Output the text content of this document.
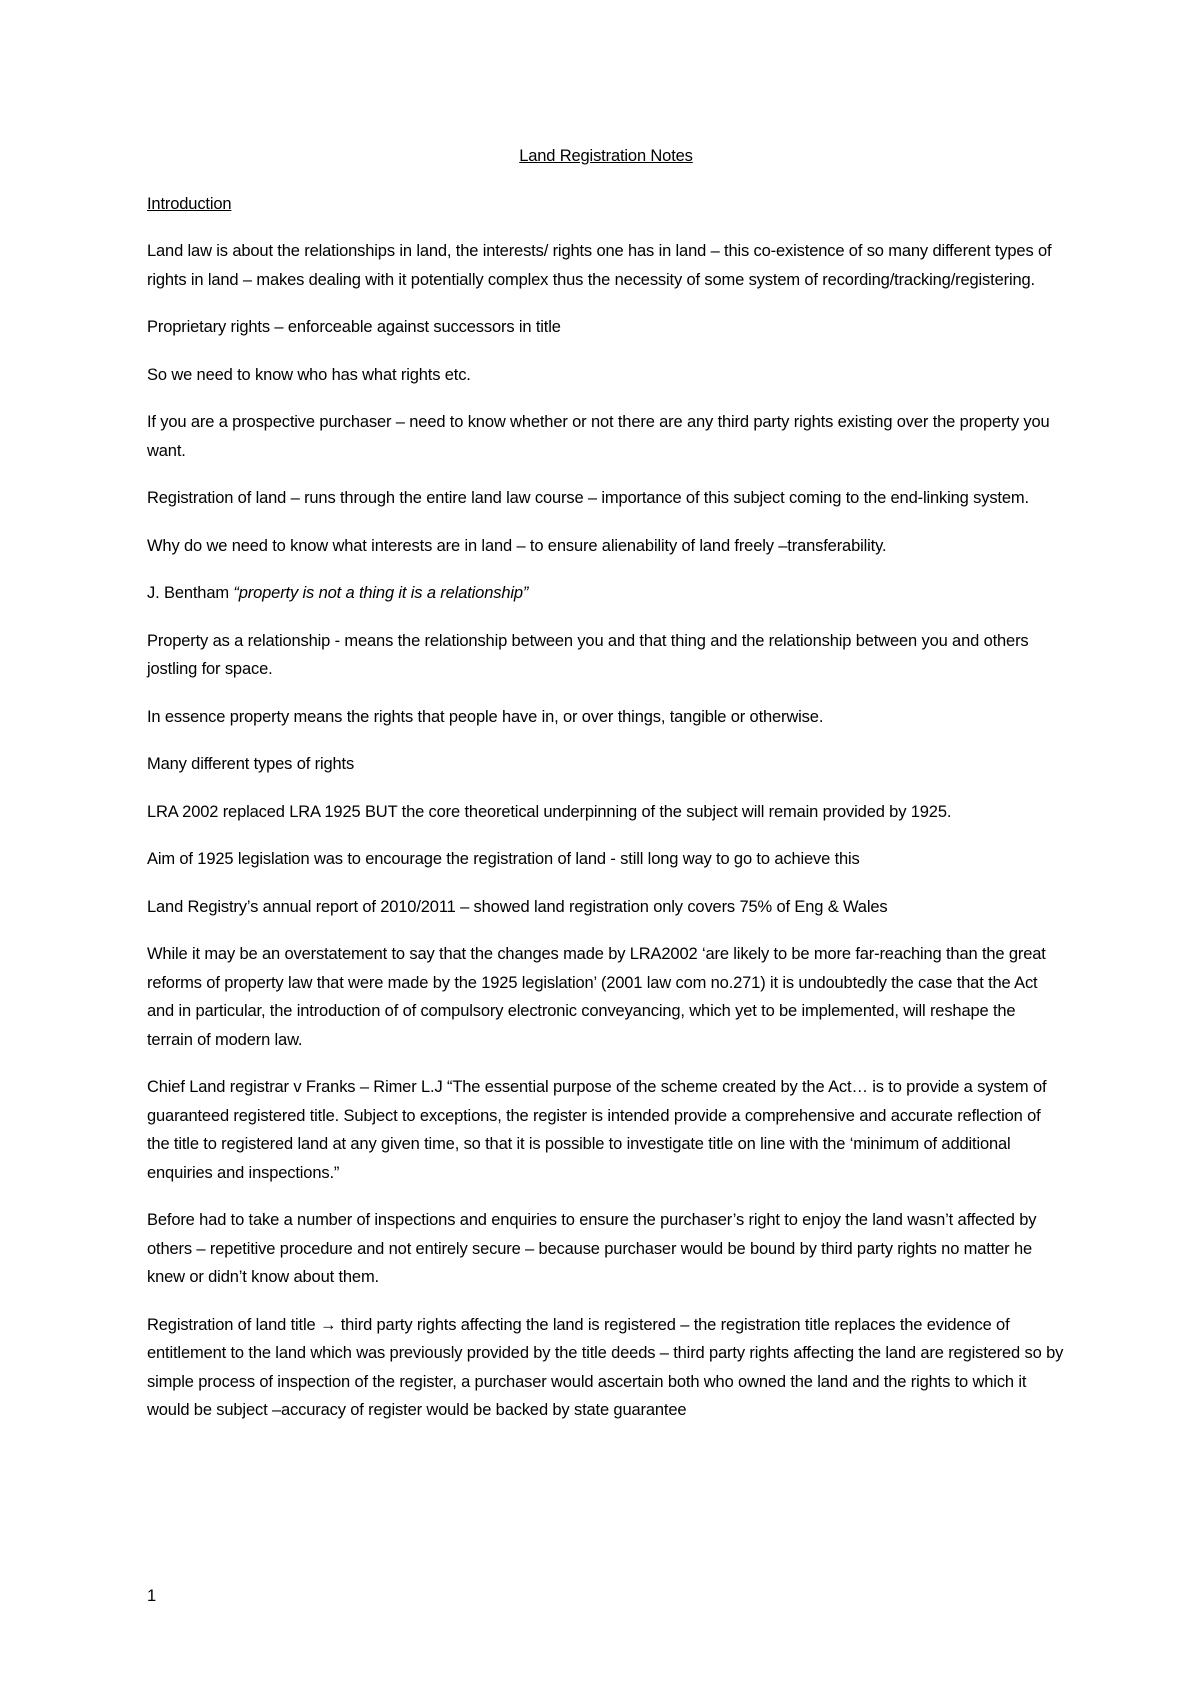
Land Registration Notes
Introduction

Land law is about the relationships in land, the interests/ rights one has in land – this co-existence of so many different types of rights in land – makes dealing with it potentially complex thus the necessity of some system of recording/tracking/registering.

Proprietary rights – enforceable against successors in title

So we need to know who has what rights etc.

If you are a prospective purchaser – need to know whether or not there are any third party rights existing over the property you want.

Registration of land – runs through the entire land law course – importance of this subject coming to the end-linking system.

Why do we need to know what interests are in land – to ensure alienability of land freely –transferability.

J. Bentham “property is not a thing it is a relationship”

Property as a relationship - means the relationship between you and that thing and the relationship between you and others jostling for space.

In essence property means the rights that people have in, or over things, tangible or otherwise.

Many different types of rights

LRA 2002 replaced LRA 1925 BUT the core theoretical underpinning of the subject will remain provided by 1925.

Aim of 1925 legislation was to encourage the registration of land - still long way to go to achieve this

Land Registry’s annual report of 2010/2011 – showed land registration only covers 75% of Eng & Wales

While it may be an overstatement to say that the changes made by LRA2002 ‘are likely to be more far-reaching than the great reforms of property law that were made by the 1925 legislation’ (2001 law com no.271) it is undoubtedly the case that the Act and in particular, the introduction of of compulsory electronic conveyancing, which yet to be implemented, will reshape the terrain of modern law.

Chief Land registrar v Franks – Rimer L.J “The essential purpose of the scheme created by the Act… is to provide a system of guaranteed registered title. Subject to exceptions, the register is intended provide a comprehensive and accurate reflection of the title to registered land at any given time, so that it is possible to investigate title on line with the ‘minimum of additional enquiries and inspections.”

Before had to take a number of inspections and enquiries to ensure the purchaser’s right to enjoy the land wasn’t affected by others – repetitive procedure and not entirely secure – because purchaser would be bound by third party rights no matter he knew or didn’t know about them.

Registration of land title → third party rights affecting the land is registered – the registration title replaces the evidence of entitlement to the land which was previously provided by the title deeds – third party rights affecting the land are registered so by simple process of inspection of the register, a purchaser would ascertain both who owned the land and the rights to which it would be subject –accuracy of register would be backed by state guarantee

1
